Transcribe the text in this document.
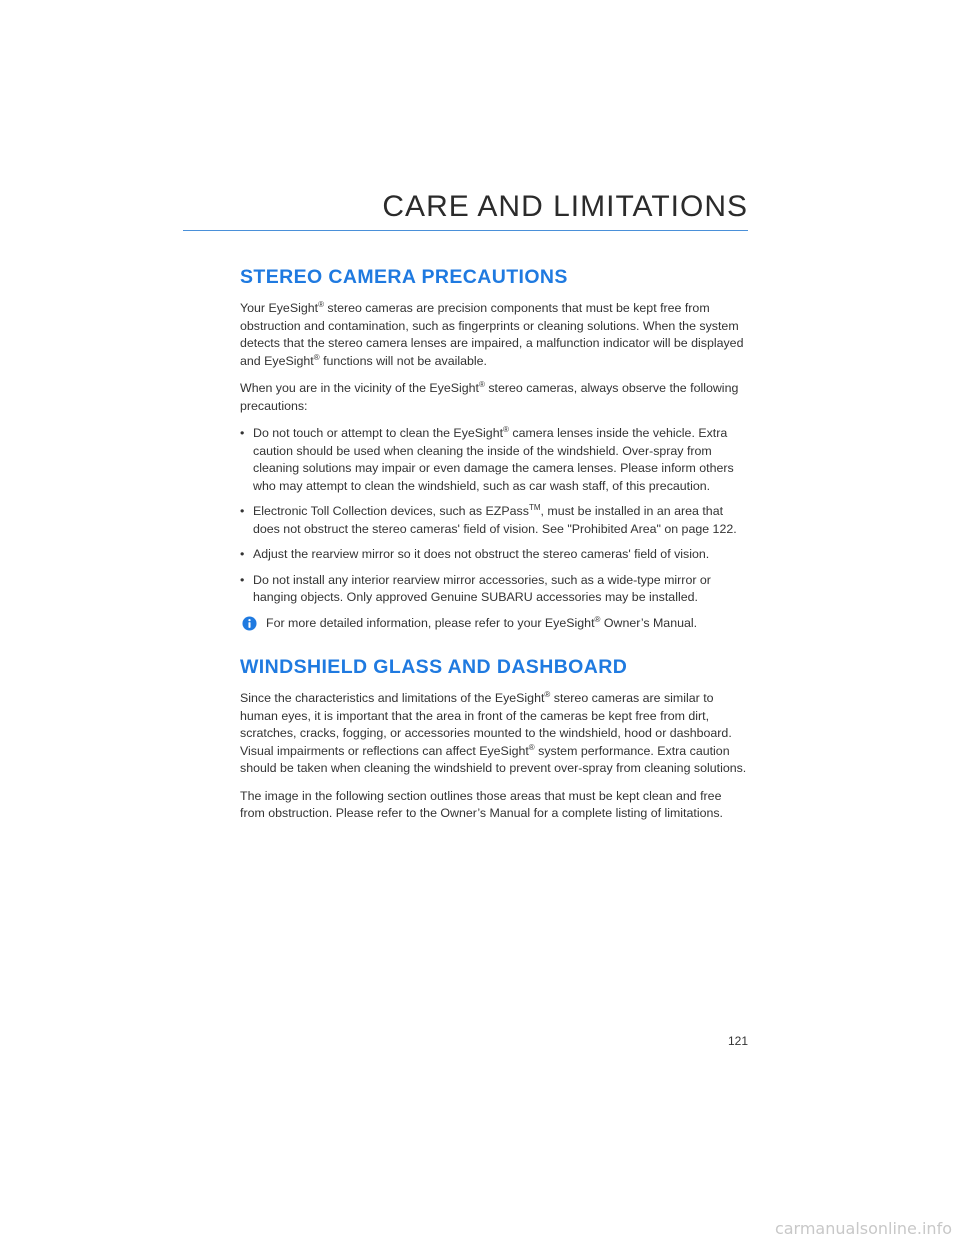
CARE AND LIMITATIONS
STEREO CAMERA PRECAUTIONS

Your EyeSight® stereo cameras are precision components that must be kept free from obstruction and contamination, such as fingerprints or cleaning solutions. When the system detects that the stereo camera lenses are impaired, a malfunction indicator will be displayed and EyeSight® functions will not be available.

When you are in the vicinity of the EyeSight® stereo cameras, always observe the following precautions:

• Do not touch or attempt to clean the EyeSight® camera lenses inside the vehicle. Extra caution should be used when cleaning the inside of the windshield. Over-spray from cleaning solutions may impair or even damage the camera lenses. Please inform others who may attempt to clean the windshield, such as car wash staff, of this precaution.
• Electronic Toll Collection devices, such as EZPass™, must be installed in an area that does not obstruct the stereo cameras' field of vision. See "Prohibited Area" on page 122.
• Adjust the rearview mirror so it does not obstruct the stereo cameras' field of vision.
• Do not install any interior rearview mirror accessories, such as a wide-type mirror or hanging objects. Only approved Genuine SUBARU accessories may be installed.
For more detailed information, please refer to your EyeSight® Owner’s Manual.
WINDSHIELD GLASS AND DASHBOARD

Since the characteristics and limitations of the EyeSight® stereo cameras are similar to human eyes, it is important that the area in front of the cameras be kept free from dirt, scratches, cracks, fogging, or accessories mounted to the windshield, hood or dashboard. Visual impairments or reflections can affect EyeSight® system performance. Extra caution should be taken when cleaning the windshield to prevent over-spray from cleaning solutions.

The image in the following section outlines those areas that must be kept clean and free from obstruction. Please refer to the Owner’s Manual for a complete listing of limitations.

121
carmanualsonline.info
